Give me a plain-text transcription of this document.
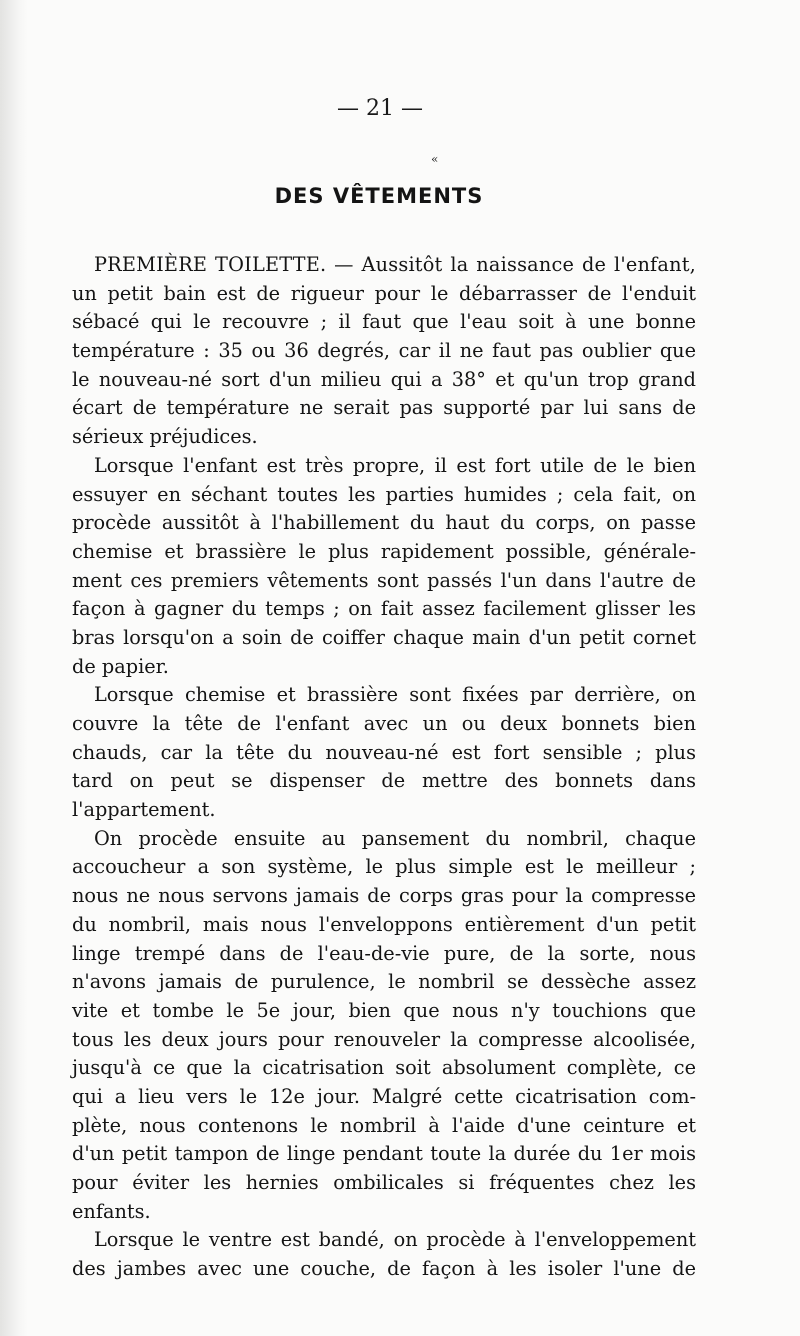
— 21 —
«
DES VÊTEMENTS
PREMIÈRE TOILETTE. — Aussitôt la naissance de l'enfant,
un petit bain est de rigueur pour le débarrasser de l'enduit
sébacé qui le recouvre ; il faut que l'eau soit à une bonne
température : 35 ou 36 degrés, car il ne faut pas oublier que
le nouveau-né sort d'un milieu qui a 38° et qu'un trop grand
écart de température ne serait pas supporté par lui sans de
sérieux préjudices.
Lorsque l'enfant est très propre, il est fort utile de le bien
essuyer en séchant toutes les parties humides ; cela fait, on
procède aussitôt à l'habillement du haut du corps, on passe
chemise et brassière le plus rapidement possible, générale-
ment ces premiers vêtements sont passés l'un dans l'autre de
façon à gagner du temps ; on fait assez facilement glisser les
bras lorsqu'on a soin de coiffer chaque main d'un petit cornet
de papier.
Lorsque chemise et brassière sont fixées par derrière, on
couvre la tête de l'enfant avec un ou deux bonnets bien
chauds, car la tête du nouveau-né est fort sensible ; plus
tard on peut se dispenser de mettre des bonnets dans
l'appartement.
On procède ensuite au pansement du nombril, chaque
accoucheur a son système, le plus simple est le meilleur ;
nous ne nous servons jamais de corps gras pour la compresse
du nombril, mais nous l'enveloppons entièrement d'un petit
linge trempé dans de l'eau-de-vie pure, de la sorte, nous
n'avons jamais de purulence, le nombril se dessèche assez
vite et tombe le 5e jour, bien que nous n'y touchions que
tous les deux jours pour renouveler la compresse alcoolisée,
jusqu'à ce que la cicatrisation soit absolument complète, ce
qui a lieu vers le 12e jour. Malgré cette cicatrisation com-
plète, nous contenons le nombril à l'aide d'une ceinture et
d'un petit tampon de linge pendant toute la durée du 1er mois
pour éviter les hernies ombilicales si fréquentes chez les
enfants.
Lorsque le ventre est bandé, on procède à l'enveloppement
des jambes avec une couche, de façon à les isoler l'une de
